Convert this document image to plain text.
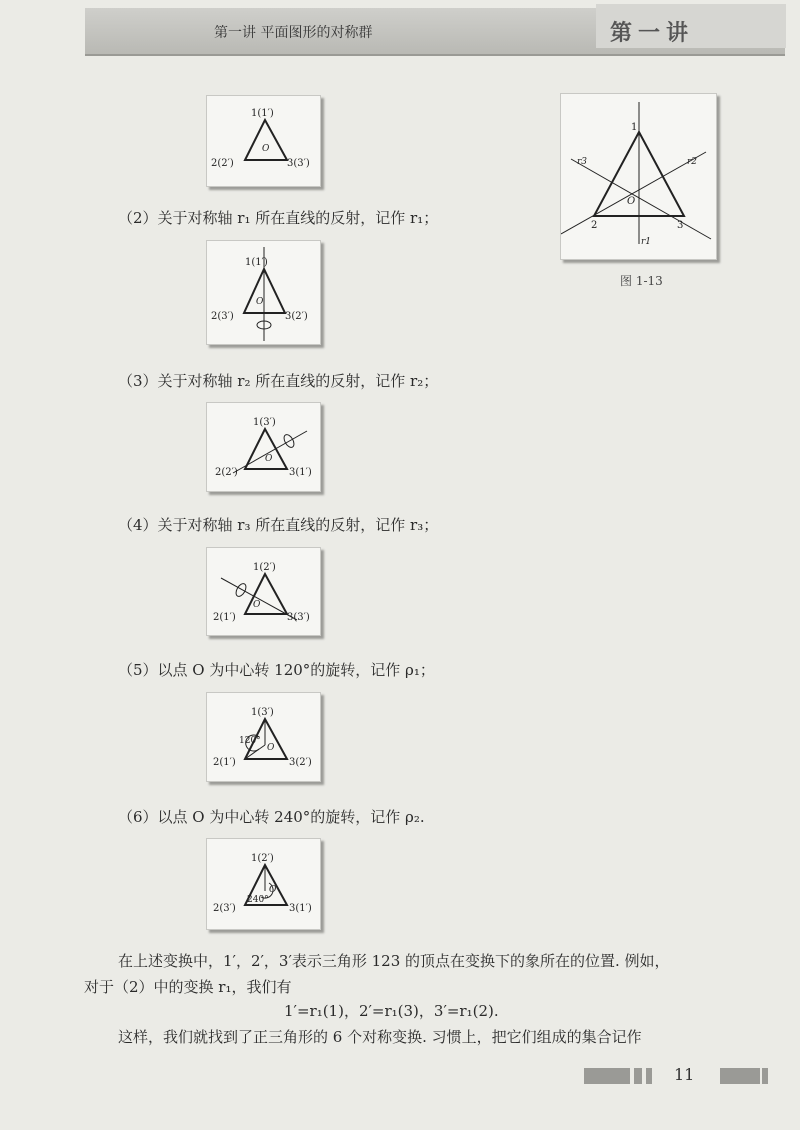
第一讲 平面图形的对称群	第一讲
1
2	3
O
r1
r2
r3
图 1-13
1(1′)
2(2′)	3(3′)
O
（2）关于对称轴 r₁ 所在直线的反射，记作 r₁；
1(1′)
2(3′)	3(2′)
O
（3）关于对称轴 r₂ 所在直线的反射，记作 r₂；
1(3′)
2(2′)	3(1′)
O
（4）关于对称轴 r₃ 所在直线的反射，记作 r₃；
1(2′)
2(1′)	3(3′)
O
（5）以点 O 为中心转 120°的旋转，记作 ρ₁；
1(3′)
2(1′)	3(2′)
O
120°
（6）以点 O 为中心转 240°的旋转，记作 ρ₂.
1(2′)
2(3′)	3(1′)
O
240°
在上述变换中，1′，2′，3′表示三角形 123 的顶点在变换下的象所在的位置. 例如，
对于（2）中的变换 r₁，我们有
1′=r₁(1)，2′=r₁(3)，3′=r₁(2).
这样，我们就找到了正三角形的 6 个对称变换. 习惯上，把它们组成的集合记作
11
